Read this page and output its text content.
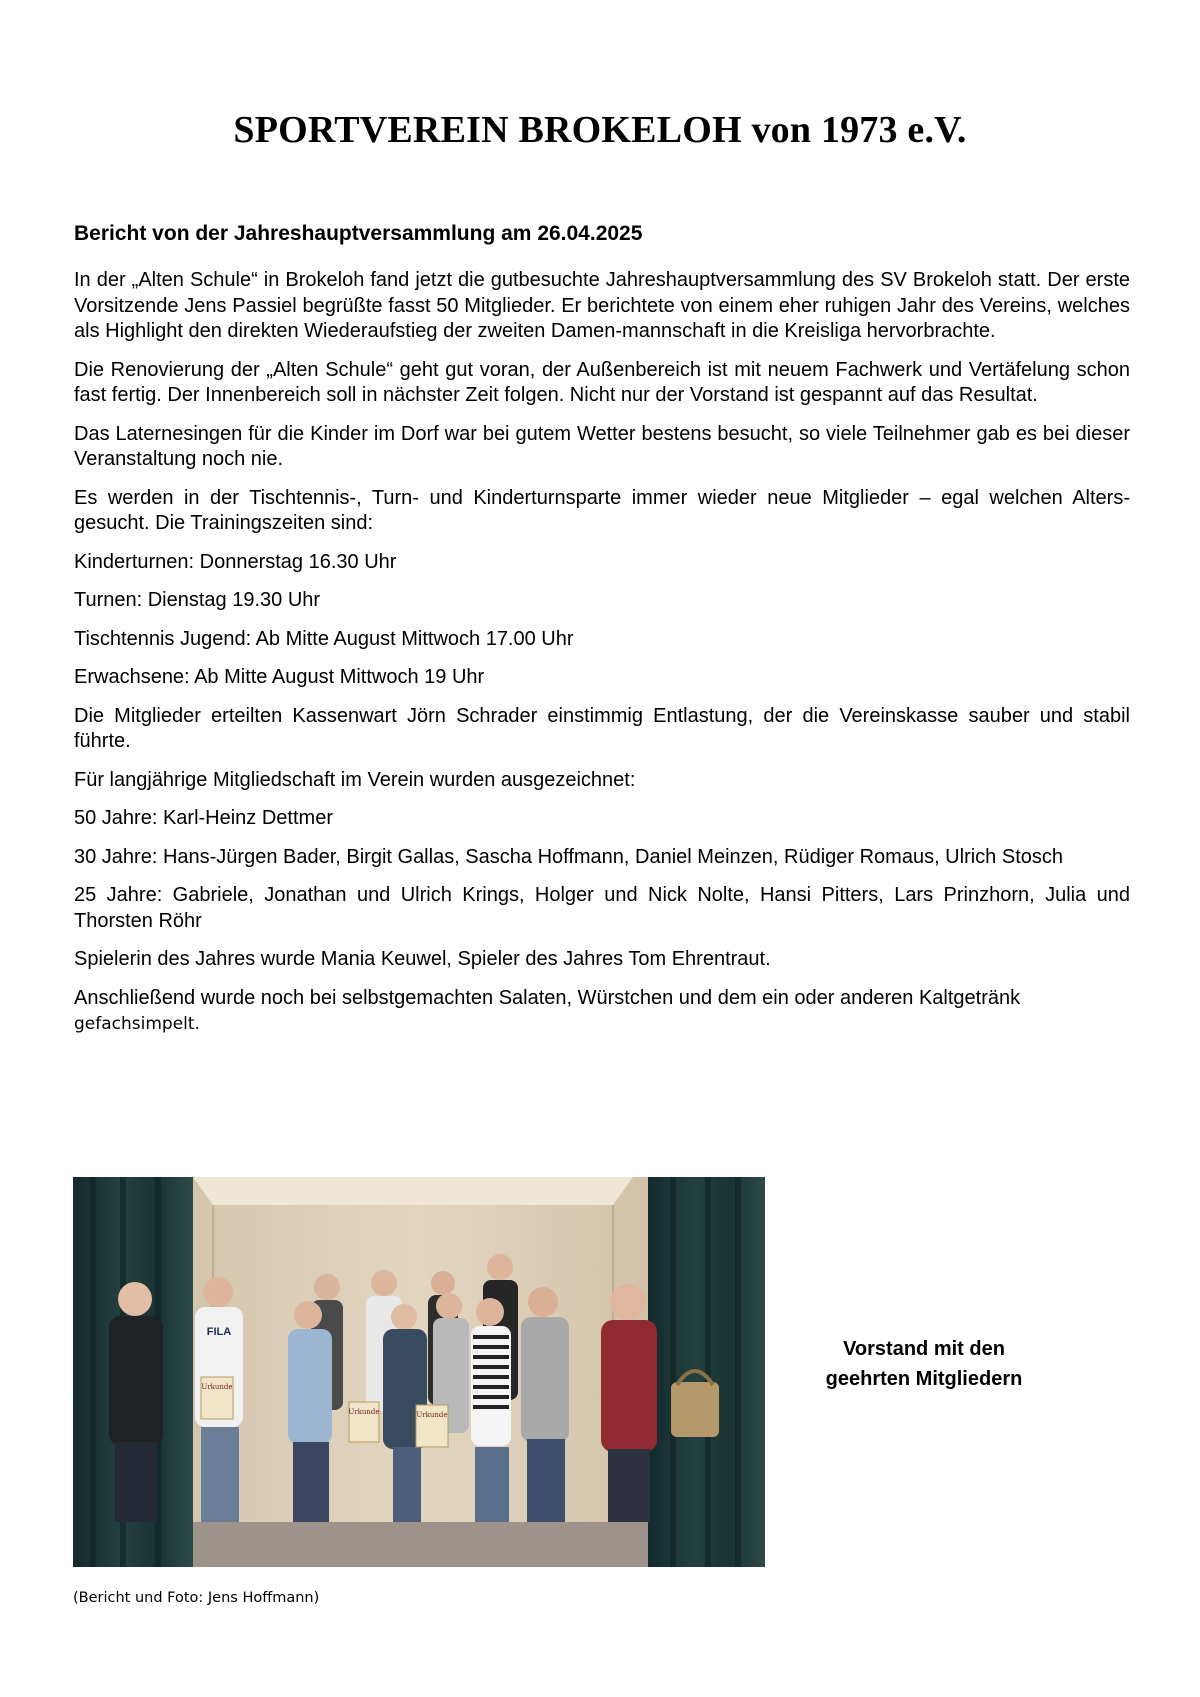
SPORTVEREIN BROKELOH von 1973 e.V.
Bericht von der Jahreshauptversammlung am 26.04.2025

In der „Alten Schule“ in Brokeloh fand jetzt die gutbesuchte Jahreshauptversammlung des SV Brokeloh statt. Der erste Vorsitzende Jens Passiel begrüßte fasst 50 Mitglieder. Er berichtete von einem eher ruhigen Jahr des Vereins, welches als Highlight den direkten Wiederaufstieg der zweiten Damen-mannschaft in die Kreisliga hervorbrachte.

Die Renovierung der „Alten Schule“ geht gut voran, der Außenbereich ist mit neuem Fachwerk und Vertäfelung schon fast fertig. Der Innenbereich soll in nächster Zeit folgen. Nicht nur der Vorstand ist gespannt auf das Resultat.

Das Laternesingen für die Kinder im Dorf war bei gutem Wetter bestens besucht, so viele Teilnehmer gab es bei dieser Veranstaltung noch nie.

Es werden in der Tischtennis-, Turn- und Kinderturnsparte immer wieder neue Mitglieder – egal welchen Alters- gesucht. Die Trainingszeiten sind:

Kinderturnen: Donnerstag 16.30 Uhr

Turnen: Dienstag 19.30 Uhr

Tischtennis Jugend: Ab Mitte August Mittwoch 17.00 Uhr

Erwachsene: Ab Mitte August Mittwoch 19 Uhr

Die Mitglieder erteilten Kassenwart Jörn Schrader einstimmig Entlastung, der die Vereinskasse sauber und stabil führte.

Für langjährige Mitgliedschaft im Verein wurden ausgezeichnet:

50 Jahre: Karl-Heinz Dettmer

30 Jahre: Hans-Jürgen Bader, Birgit Gallas, Sascha Hoffmann, Daniel Meinzen, Rüdiger Romaus, Ulrich Stosch

25 Jahre: Gabriele, Jonathan und Ulrich Krings, Holger und Nick Nolte, Hansi Pitters, Lars Prinzhorn, Julia und Thorsten Röhr

Spielerin des Jahres wurde Mania Keuwel, Spieler des Jahres Tom Ehrentraut.

Anschließend wurde noch bei selbstgemachten Salaten, Würstchen und dem ein oder anderen Kaltgetränk
gefachsimpelt.

Urkunde
Urkunde	Urkunde
FILA
Vorstand mit den
geehrten Mitgliedern
(Bericht und Foto: Jens Hoffmann)
